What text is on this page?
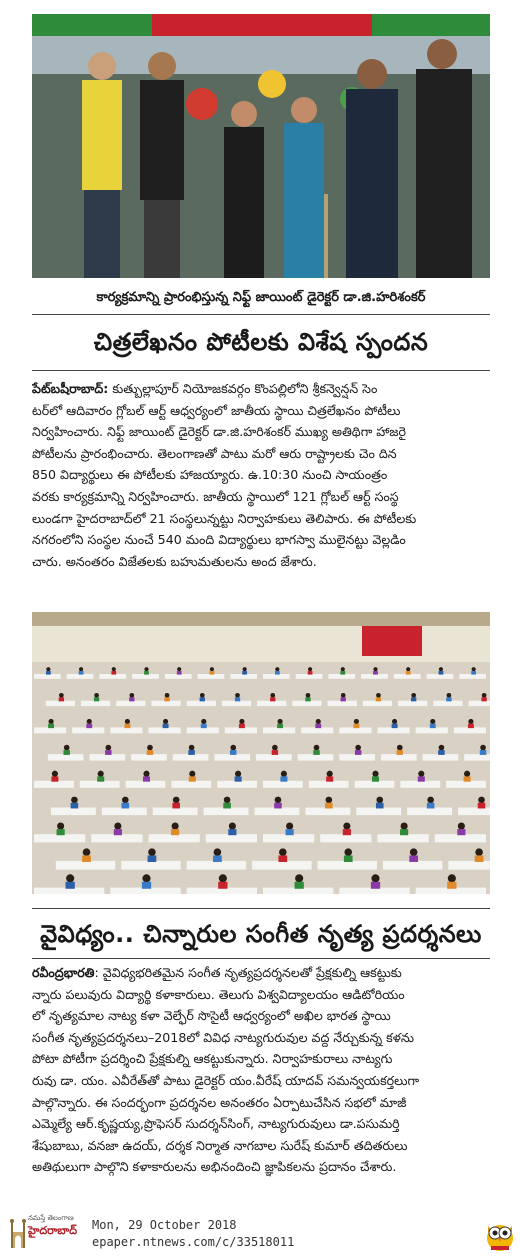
కార్యక్రమాన్ని ప్రారంభిస్తున్న నిఫ్ట్ జాయింట్ డైరెక్టర్ డా.జి.హరిశంకర్
చిత్రలేఖనం పోటీలకు విశేష స్పందన
పేట్‌బషీరాబాద్: కుత్బుల్లాపూర్ నియోజకవర్గం కొంపల్లిలోని శ్రీకన్వెన్షన్ సెం
టర్‌లో ఆదివారం గ్లోబల్ ఆర్ట్ ఆధ్వర్యంలో జాతీయ స్థాయి చిత్రలేఖనం పోటీలు
నిర్వహించారు. నిఫ్ట్ జాయింట్ డైరెక్టర్ డా.జి.హరిశంకర్ ముఖ్య అతిథిగా హాజరై
పోటీలను ప్రారంభించారు. తెలంగాణతో పాటు మరో ఆరు రాష్ట్రాలకు చెం దిన
850 విద్యార్థులు ఈ పోటీలకు హాజయ్యారు. ఉ.10:30 నుంచి సాయంత్రం
వరకు కార్యక్రమాన్ని నిర్వహించారు. జాతీయ స్థాయిలో 121 గ్లోబల్ ఆర్ట్ సంస్థ
లుండగా హైదరాబాద్‌లో 21 సంస్థలున్నట్టు నిర్వాహకులు తెలిపారు. ఈ పోటీలకు
నగరంలోని సంస్థల నుంచే 540 మంది విద్యార్థులు భాగస్వా ములైనట్టు వెల్లడిం
చారు. అనంతరం విజేతలకు బహుమతులను అంద జేశారు.
వైవిధ్యం.. చిన్నారుల సంగీత నృత్య ప్రదర్శనలు
రవీంద్రభారతి: వైవిధ్యభరితమైన సంగీత నృత్యప్రదర్శనలతో ప్రేక్షకుల్ని ఆకట్టుకు
న్నారు పలువురు విద్యార్థి కళాకారులు. తెలుగు విశ్వవిద్యాలయం ఆడిటోరియం
లో నృత్యమాల నాట్య కళా వెల్ఫేర్ సొసైటీ ఆధ్వర్యంలో అఖిల భారత స్థాయి
సంగీత నృత్యప్రదర్శనలు–2018లో వివిధ నాట్యగురువుల వద్ద నేర్చుకున్న కళను
పోటా పోటీగా ప్రదర్శించి ప్రేక్షకుల్ని ఆకట్టుకున్నారు. నిర్వాహకురాలు నాట్యగు
రువు డా. యం. ఎవీరేత్‌తో పాటు డైరెక్టర్ యం.వీరేష్ యాదవ్ సమన్వయకర్తలుగా
పాల్గొన్నారు. ఈ సందర్భంగా ప్రదర్శనల అనంతరం ఏర్పాటుచేసిన సభలో మాజీ
ఎమ్మెల్యే ఆర్.కృష్ణయ్య,ప్రొఫెసర్ సుదర్శన్‌సింగ్, నాట్యగురువులు డా.పసుమర్తి
శేషుబాబు, వనజా ఉదయ్, దర్శక నిర్మాత నాగబాల సురేష్ కుమార్ తదితరులు
అతిథులుగా పాల్గొని కళాకారులను అభినందించి జ్ఞాపికలను ప్రదానం చేశారు.
నమస్తే తెలంగాణ
హైదరాబాద్ Mon, 29 October 2018
epaper.ntnews.com/c/33518011
